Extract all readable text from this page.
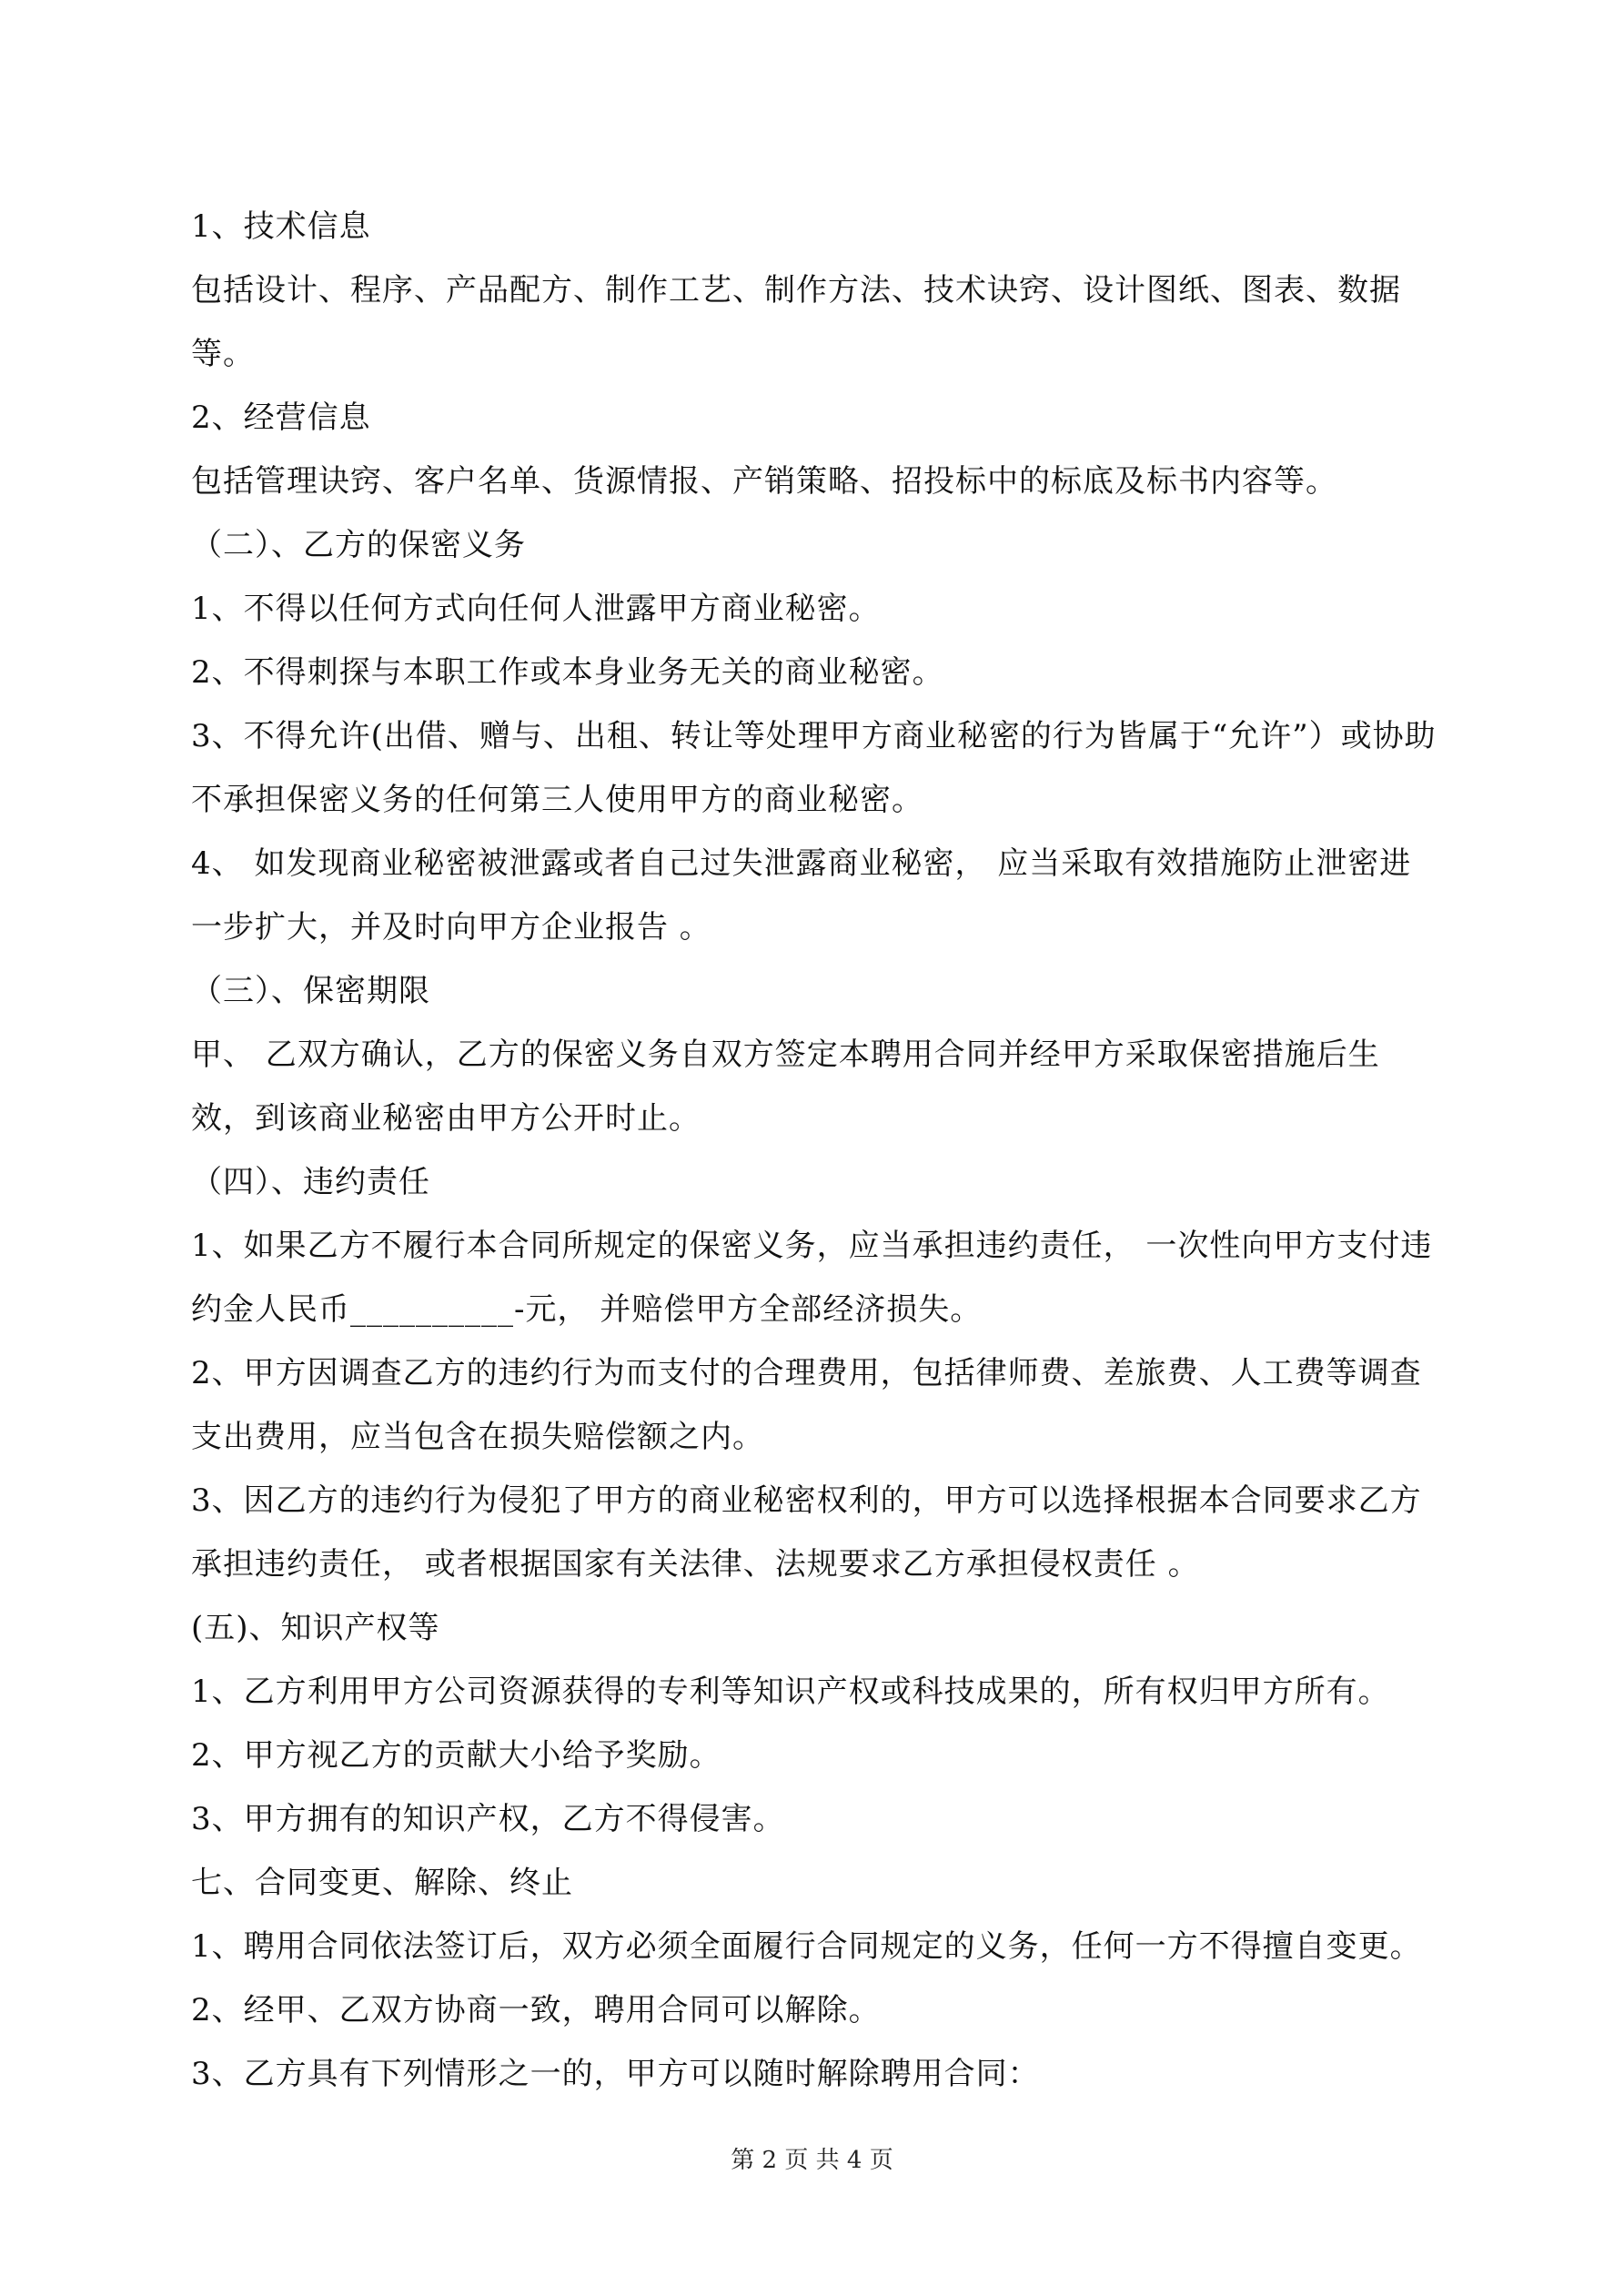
1、技术信息

包括设计、程序、产品配方、制作工艺、制作方法、技术诀窍、设计图纸、图表、数据等。

2、经营信息

包括管理诀窍、客户名单、货源情报、产销策略、招投标中的标底及标书内容等。

（二）、乙方的保密义务

1、不得以任何方式向任何人泄露甲方商业秘密。

2、不得刺探与本职工作或本身业务无关的商业秘密。

3、不得允许(出借、赠与、出租、转让等处理甲方商业秘密的行为皆属于“允许”）或协助不承担保密义务的任何第三人使用甲方的商业秘密。

4、 如发现商业秘密被泄露或者自己过失泄露商业秘密， 应当采取有效措施防止泄密进一步扩大，并及时向甲方企业报告 。

（三）、保密期限

甲、 乙双方确认，乙方的保密义务自双方签定本聘用合同并经甲方采取保密措施后生效，到该商业秘密由甲方公开时止。

（四）、违约责任

1、如果乙方不履行本合同所规定的保密义务，应当承担违约责任， 一次性向甲方支付违约金人民币__________-元， 并赔偿甲方全部经济损失。

2、甲方因调查乙方的违约行为而支付的合理费用，包括律师费、差旅费、人工费等调查支出费用，应当包含在损失赔偿额之内。

3、因乙方的违约行为侵犯了甲方的商业秘密权利的，甲方可以选择根据本合同要求乙方承担违约责任， 或者根据国家有关法律、法规要求乙方承担侵权责任 。

(五)、知识产权等

1、乙方利用甲方公司资源获得的专利等知识产权或科技成果的，所有权归甲方所有。

2、甲方视乙方的贡献大小给予奖励。

3、甲方拥有的知识产权，乙方不得侵害。

七、合同变更、解除、终止

1、聘用合同依法签订后，双方必须全面履行合同规定的义务，任何一方不得擅自变更。

2、经甲、乙双方协商一致，聘用合同可以解除。

3、乙方具有下列情形之一的，甲方可以随时解除聘用合同：

第 2 页 共 4 页
